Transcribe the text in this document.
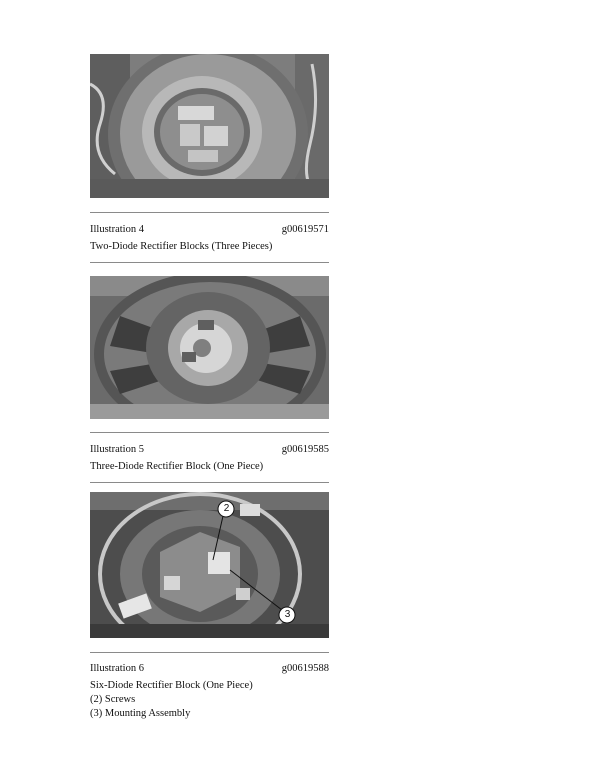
Illustration 4	g00619571
Two-Diode Rectifier Blocks (Three Pieces)
Illustration 5	g00619585
Three-Diode Rectifier Block (One Piece)
2
3
Illustration 6	g00619588
Six-Diode Rectifier Block (One Piece)
(2) Screws
(3) Mounting Assembly
